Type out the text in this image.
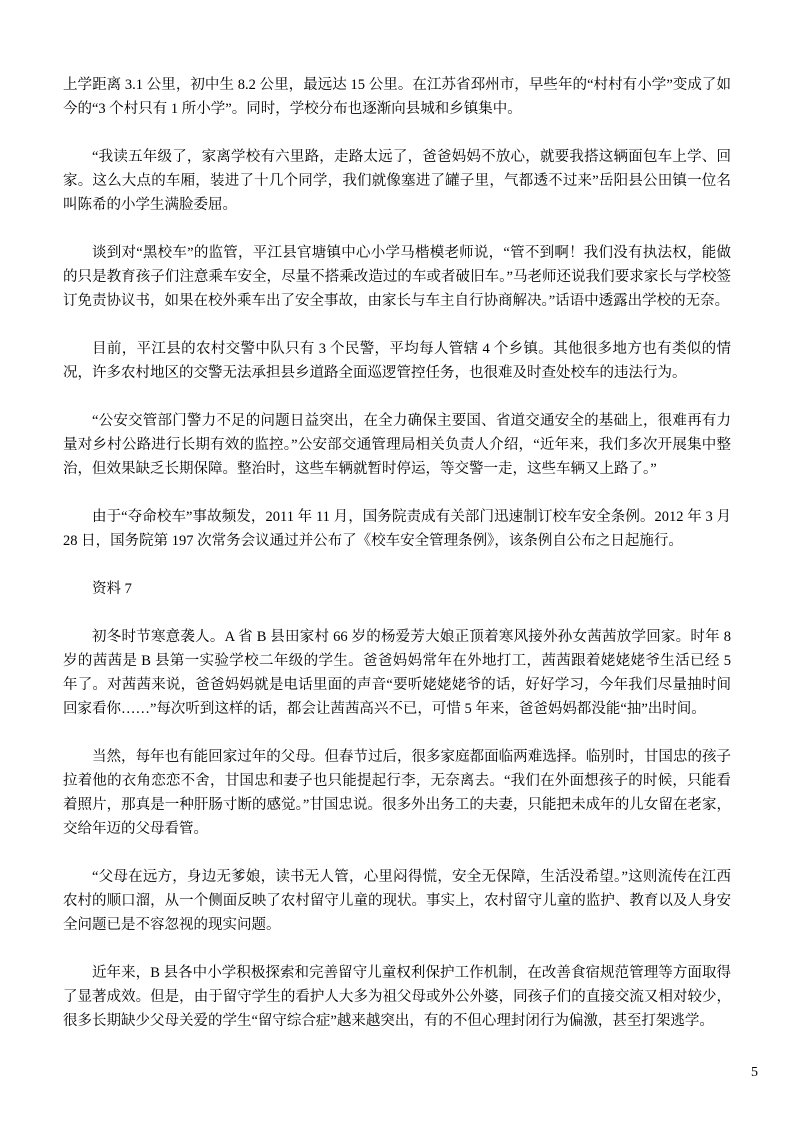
上学距离 3.1 公里，初中生 8.2 公里，最远达 15 公里。在江苏省邳州市，早些年的“村村有小学”变成了如今的“3 个村只有 1 所小学”。同时，学校分布也逐渐向县城和乡镇集中。

“我读五年级了，家离学校有六里路，走路太远了，爸爸妈妈不放心，就要我搭这辆面包车上学、回家。这么大点的车厢，装进了十几个同学，我们就像塞进了罐子里，气都透不过来”岳阳县公田镇一位名叫陈希的小学生满脸委屈。

谈到对“黑校车”的监管，平江县官塘镇中心小学马楷模老师说，“管不到啊！我们没有执法权，能做的只是教育孩子们注意乘车安全，尽量不搭乘改造过的车或者破旧车。”马老师还说我们要求家长与学校签订免责协议书，如果在校外乘车出了安全事故，由家长与车主自行协商解决。”话语中透露出学校的无奈。

目前，平江县的农村交警中队只有 3 个民警，平均每人管辖 4 个乡镇。其他很多地方也有类似的情况，许多农村地区的交警无法承担县乡道路全面巡逻管控任务，也很难及时查处校车的违法行为。

“公安交管部门警力不足的问题日益突出，在全力确保主要国、省道交通安全的基础上，很难再有力量对乡村公路进行长期有效的监控。”公安部交通管理局相关负责人介绍，“近年来，我们多次开展集中整治，但效果缺乏长期保障。整治时，这些车辆就暂时停运，等交警一走，这些车辆又上路了。”

由于“夺命校车”事故频发，2011 年 11 月，国务院责成有关部门迅速制订校车安全条例。2012 年 3 月 28 日，国务院第 197 次常务会议通过并公布了《校车安全管理条例》，该条例自公布之日起施行。

资料 7

初冬时节寒意袭人。A 省 B 县田家村 66 岁的杨爱芳大娘正顶着寒风接外孙女茜茜放学回家。时年 8 岁的茜茜是 B 县第一实验学校二年级的学生。爸爸妈妈常年在外地打工，茜茜跟着姥姥姥爷生活已经 5 年了。对茜茜来说，爸爸妈妈就是电话里面的声音“要听姥姥姥爷的话，好好学习，今年我们尽量抽时间回家看你……”每次听到这样的话，都会让茜茜高兴不已，可惜 5 年来，爸爸妈妈都没能“抽”出时间。

当然，每年也有能回家过年的父母。但春节过后，很多家庭都面临两难选择。临别时，甘国忠的孩子拉着他的衣角恋恋不舍，甘国忠和妻子也只能提起行李，无奈离去。“我们在外面想孩子的时候，只能看着照片，那真是一种肝肠寸断的感觉。”甘国忠说。很多外出务工的夫妻，只能把未成年的儿女留在老家，交给年迈的父母看管。

“父母在远方，身边无爹娘，读书无人管，心里闷得慌，安全无保障，生活没希望。”这则流传在江西农村的顺口溜，从一个侧面反映了农村留守儿童的现状。事实上，农村留守儿童的监护、教育以及人身安全问题已是不容忽视的现实问题。

近年来，B 县各中小学积极探索和完善留守儿童权利保护工作机制，在改善食宿规范管理等方面取得了显著成效。但是，由于留守学生的看护人大多为祖父母或外公外婆，同孩子们的直接交流又相对较少，很多长期缺少父母关爱的学生“留守综合症”越来越突出，有的不但心理封闭行为偏激，甚至打架逃学。

5
